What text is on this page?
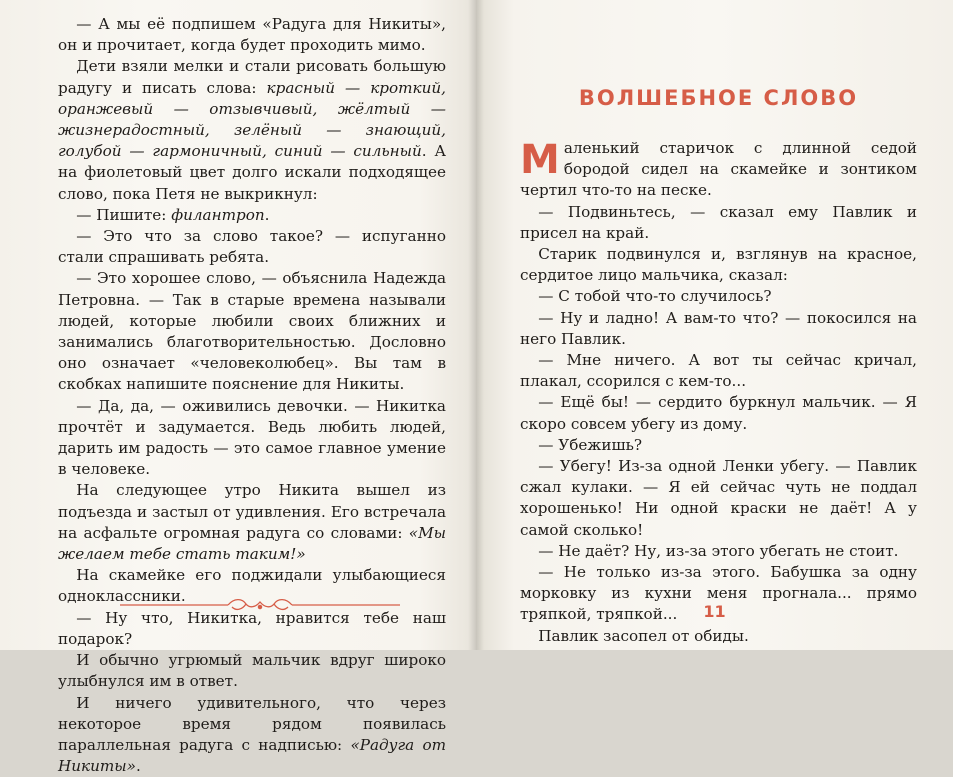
— А мы её подпишем «Радуга для Никиты», он и прочитает, когда будет проходить мимо.

Дети взяли мелки и стали рисовать большую радугу и писать слова: красный — кроткий, оранжевый — отзывчивый, жёлтый — жизнерадостный, зелёный — знающий, голубой — гармоничный, синий — сильный. А на фиолетовый цвет долго искали подходящее слово, пока Петя не выкрикнул:

— Пишите: филантроп.

— Это что за слово такое? — испуганно стали спрашивать ребята.

— Это хорошее слово, — объяснила Надежда Петровна. — Так в старые времена называли людей, которые любили своих ближних и занимались благотворительностью. Дословно оно означает «человеколюбец». Вы там в скобках напишите пояснение для Никиты.

— Да, да, — оживились девочки. — Никитка прочтёт и задумается. Ведь любить людей, дарить им радость — это самое главное умение в человеке.

На следующее утро Никита вышел из подъезда и застыл от удивления. Его встречала на асфальте огромная радуга со словами: «Мы желаем тебе стать таким!»

На скамейке его поджидали улыбающиеся одноклассники.

— Ну что, Никитка, нравится тебе наш подарок?

И обычно угрюмый мальчик вдруг широко улыбнулся им в ответ.

И ничего удивительного, что через некоторое время рядом появилась параллельная радуга с надписью: «Радуга от Никиты».

ВОЛШЕБНОЕ СЛОВО

Маленький старичок с длинной седой бородой сидел на скамейке и зонтиком чертил что-то на песке.

— Подвиньтесь, — сказал ему Павлик и присел на край.

Старик подвинулся и, взглянув на красное, сердитое лицо мальчика, сказал:

— С тобой что-то случилось?

— Ну и ладно! А вам-то что? — покосился на него Павлик.

— Мне ничего. А вот ты сейчас кричал, плакал, ссорился с кем-то...

— Ещё бы! — сердито буркнул мальчик. — Я скоро совсем убегу из дому.

— Убежишь?

— Убегу! Из-за одной Ленки убегу. — Павлик сжал кулаки. — Я ей сейчас чуть не поддал хорошенько! Ни одной краски не даёт! А у самой сколько!

— Не даёт? Ну, из-за этого убегать не стоит.

— Не только из-за этого. Бабушка за одну морковку из кухни меня прогнала... прямо тряпкой, тряпкой...

Павлик засопел от обиды.

11
